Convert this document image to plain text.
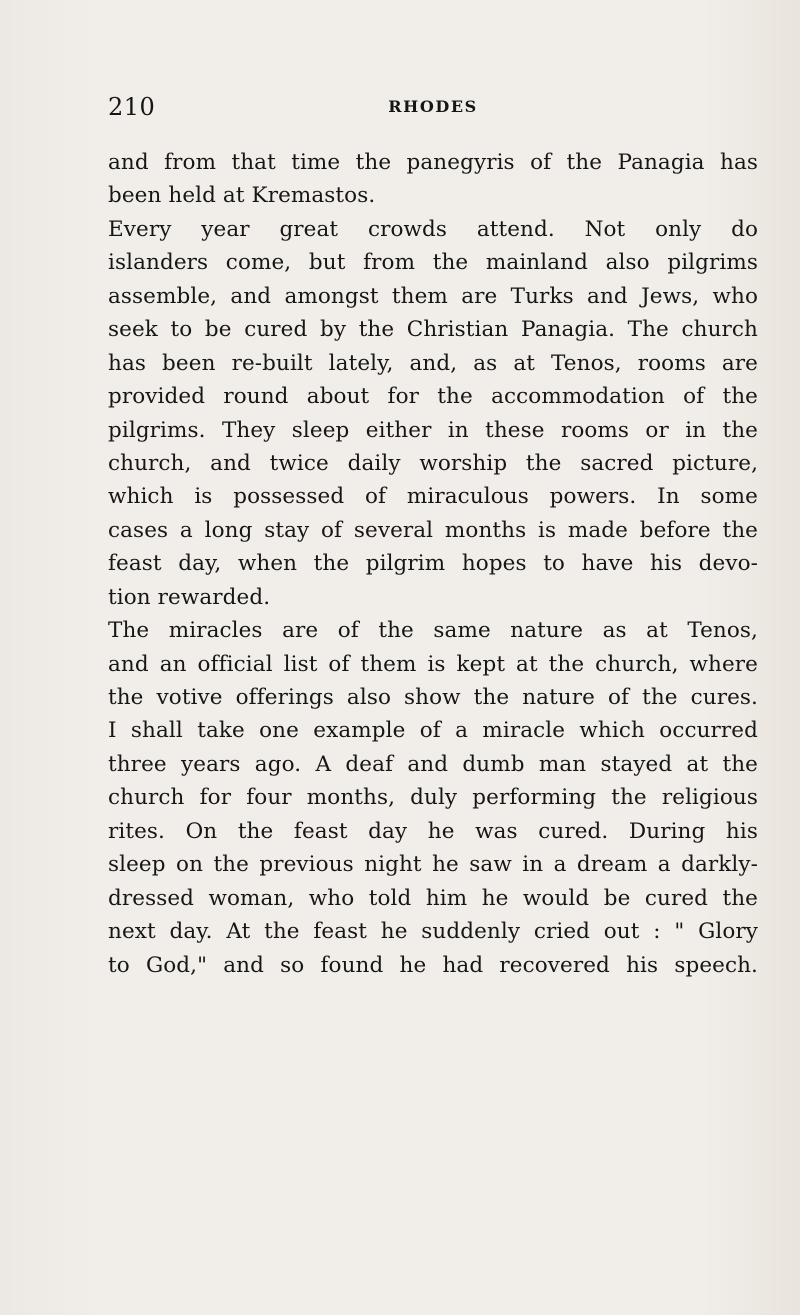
210	RHODES
and from that time the panegyris of the Panagia has
been held at Kremastos.
Every year great crowds attend. Not only do
islanders come, but from the mainland also pilgrims
assemble, and amongst them are Turks and Jews, who
seek to be cured by the Christian Panagia. The church
has been re-built lately, and, as at Tenos, rooms are
provided round about for the accommodation of the
pilgrims. They sleep either in these rooms or in the
church, and twice daily worship the sacred picture,
which is possessed of miraculous powers. In some
cases a long stay of several months is made before the
feast day, when the pilgrim hopes to have his devo-
tion rewarded.
The miracles are of the same nature as at Tenos,
and an official list of them is kept at the church, where
the votive offerings also show the nature of the cures.
I shall take one example of a miracle which occurred
three years ago. A deaf and dumb man stayed at the
church for four months, duly performing the religious
rites. On the feast day he was cured. During his
sleep on the previous night he saw in a dream a darkly-
dressed woman, who told him he would be cured the
next day. At the feast he suddenly cried out : " Glory
to God," and so found he had recovered his speech.
